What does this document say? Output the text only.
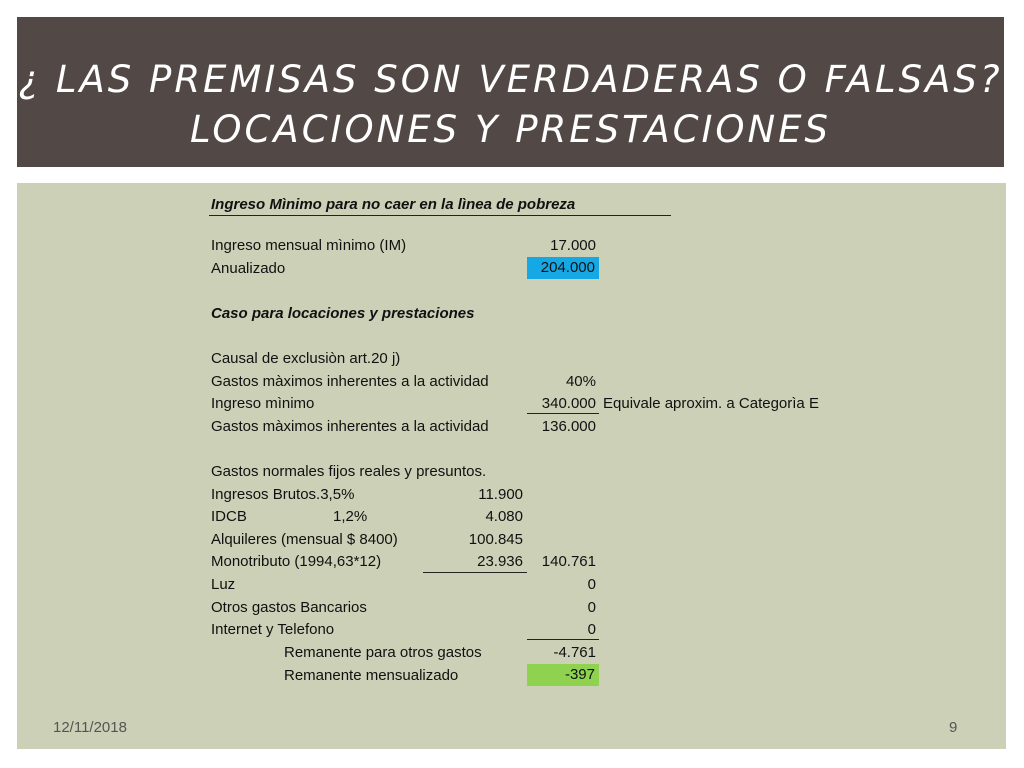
¿ LAS PREMISAS SON VERDADERAS O FALSAS? LOCACIONES Y PRESTACIONES
Ingreso Mìnimo para no caer en la lìnea de pobreza
Ingreso mensual mìnimo (IM)	17.000
Anualizado	204.000
Caso para locaciones y prestaciones
Causal de exclusiòn art.20 j)
Gastos màximos inherentes a la actividad	40%
Ingreso mìnimo	340.000 Equivale aproxim. a Categorìa E
Gastos màximos inherentes a la actividad	136.000
Gastos normales fijos reales y presuntos.
Ingresos Brutos.3,5%	11.900
IDCB	1,2%	4.080
Alquileres (mensual $ 8400)	100.845
Monotributo (1994,63*12)	23.936	140.761
Luz	0
Otros gastos Bancarios	0
Internet y Telefono	0
Remanente para otros gastos	-4.761
Remanente mensualizado	-397
12/11/2018	9
